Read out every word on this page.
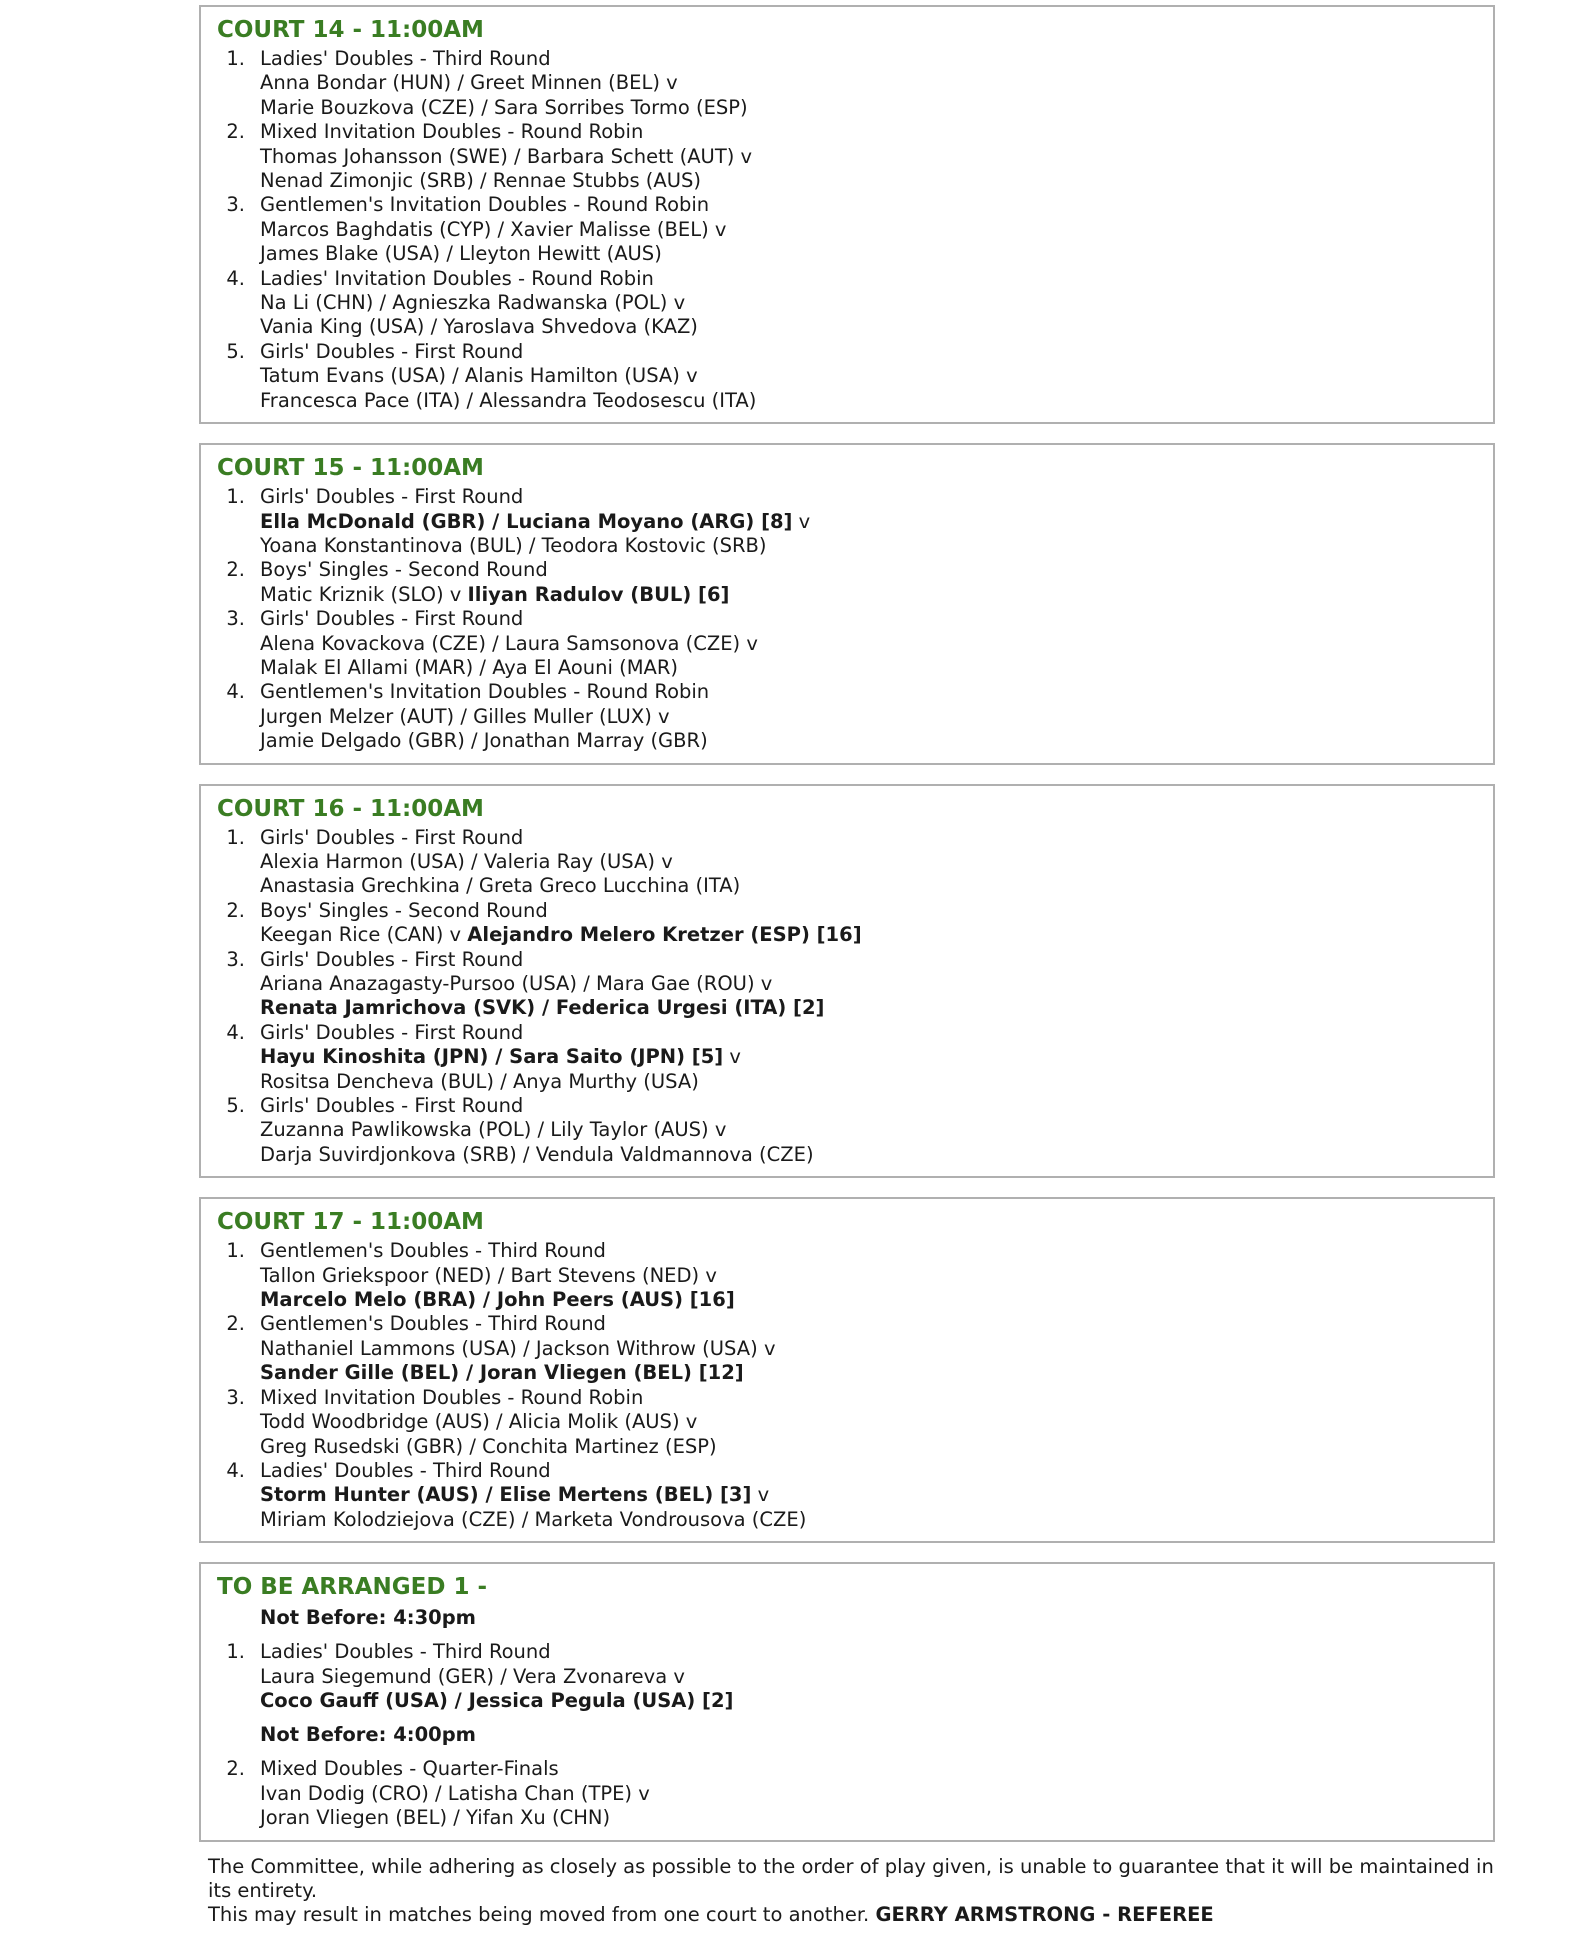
COURT 14 - 11:00AM
1. Ladies' Doubles - Third Round
Anna Bondar (HUN) / Greet Minnen (BEL) v
Marie Bouzkova (CZE) / Sara Sorribes Tormo (ESP)
2. Mixed Invitation Doubles - Round Robin
Thomas Johansson (SWE) / Barbara Schett (AUT) v
Nenad Zimonjic (SRB) / Rennae Stubbs (AUS)
3. Gentlemen's Invitation Doubles - Round Robin
Marcos Baghdatis (CYP) / Xavier Malisse (BEL) v
James Blake (USA) / Lleyton Hewitt (AUS)
4. Ladies' Invitation Doubles - Round Robin
Na Li (CHN) / Agnieszka Radwanska (POL) v
Vania King (USA) / Yaroslava Shvedova (KAZ)
5. Girls' Doubles - First Round
Tatum Evans (USA) / Alanis Hamilton (USA) v
Francesca Pace (ITA) / Alessandra Teodosescu (ITA)
COURT 15 - 11:00AM
1. Girls' Doubles - First Round
Ella McDonald (GBR) / Luciana Moyano (ARG) [8] v
Yoana Konstantinova (BUL) / Teodora Kostovic (SRB)
2. Boys' Singles - Second Round
Matic Kriznik (SLO) v Iliyan Radulov (BUL) [6]
3. Girls' Doubles - First Round
Alena Kovackova (CZE) / Laura Samsonova (CZE) v
Malak El Allami (MAR) / Aya El Aouni (MAR)
4. Gentlemen's Invitation Doubles - Round Robin
Jurgen Melzer (AUT) / Gilles Muller (LUX) v
Jamie Delgado (GBR) / Jonathan Marray (GBR)
COURT 16 - 11:00AM
1. Girls' Doubles - First Round
Alexia Harmon (USA) / Valeria Ray (USA) v
Anastasia Grechkina / Greta Greco Lucchina (ITA)
2. Boys' Singles - Second Round
Keegan Rice (CAN) v Alejandro Melero Kretzer (ESP) [16]
3. Girls' Doubles - First Round
Ariana Anazagasty-Pursoo (USA) / Mara Gae (ROU) v
Renata Jamrichova (SVK) / Federica Urgesi (ITA) [2]
4. Girls' Doubles - First Round
Hayu Kinoshita (JPN) / Sara Saito (JPN) [5] v
Rositsa Dencheva (BUL) / Anya Murthy (USA)
5. Girls' Doubles - First Round
Zuzanna Pawlikowska (POL) / Lily Taylor (AUS) v
Darja Suvirdjonkova (SRB) / Vendula Valdmannova (CZE)
COURT 17 - 11:00AM
1. Gentlemen's Doubles - Third Round
Tallon Griekspoor (NED) / Bart Stevens (NED) v
Marcelo Melo (BRA) / John Peers (AUS) [16]
2. Gentlemen's Doubles - Third Round
Nathaniel Lammons (USA) / Jackson Withrow (USA) v
Sander Gille (BEL) / Joran Vliegen (BEL) [12]
3. Mixed Invitation Doubles - Round Robin
Todd Woodbridge (AUS) / Alicia Molik (AUS) v
Greg Rusedski (GBR) / Conchita Martinez (ESP)
4. Ladies' Doubles - Third Round
Storm Hunter (AUS) / Elise Mertens (BEL) [3] v
Miriam Kolodziejova (CZE) / Marketa Vondrousova (CZE)
TO BE ARRANGED 1 -
Not Before: 4:30pm
1. Ladies' Doubles - Third Round
Laura Siegemund (GER) / Vera Zvonareva v
Coco Gauff (USA) / Jessica Pegula (USA) [2]
Not Before: 4:00pm
2. Mixed Doubles - Quarter-Finals
Ivan Dodig (CRO) / Latisha Chan (TPE) v
Joran Vliegen (BEL) / Yifan Xu (CHN)

The Committee, while adhering as closely as possible to the order of play given, is unable to guarantee that it will be maintained in its entirety.

This may result in matches being moved from one court to another. GERRY ARMSTRONG - REFEREE
